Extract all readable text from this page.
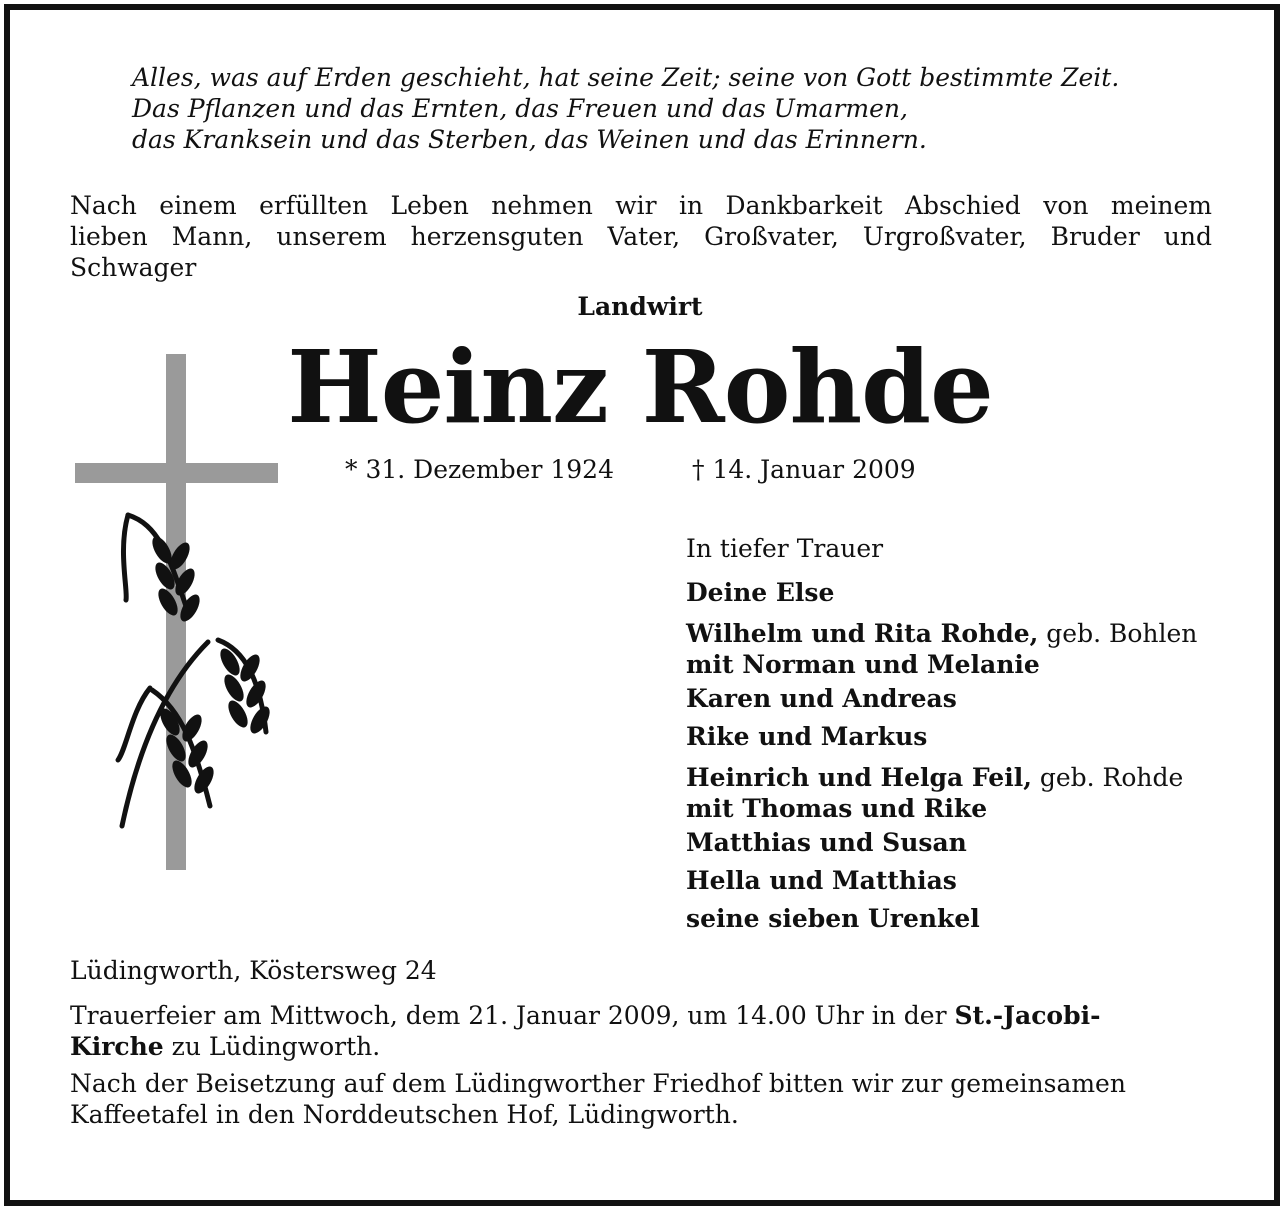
Alles, was auf Erden geschieht, hat seine Zeit; seine von Gott bestimmte Zeit.
Das Pflanzen und das Ernten, das Freuen und das Umarmen,
das Kranksein und das Sterben, das Weinen und das Erinnern.
Nach einem erfüllten Leben nehmen wir in Dankbarkeit Abschied von meinem
lieben Mann, unserem herzensguten Vater, Großvater, Urgroßvater, Bruder und
Schwager
Landwirt
Heinz Rohde
* 31. Dezember 1924	† 14. Januar 2009
In tiefer Trauer
Deine Else
Wilhelm und Rita Rohde, geb. Bohlen
mit Norman und Melanie
Karen und Andreas
Rike und Markus
Heinrich und Helga Feil, geb. Rohde
mit Thomas und Rike
Matthias und Susan
Hella und Matthias
seine sieben Urenkel
Lüdingworth, Köstersweg 24
Trauerfeier am Mittwoch, dem 21. Januar 2009, um 14.00 Uhr in der St.-Jacobi-
Kirche zu Lüdingworth.
Nach der Beisetzung auf dem Lüdingworther Friedhof bitten wir zur gemeinsamen
Kaffeetafel in den Norddeutschen Hof, Lüdingworth.
